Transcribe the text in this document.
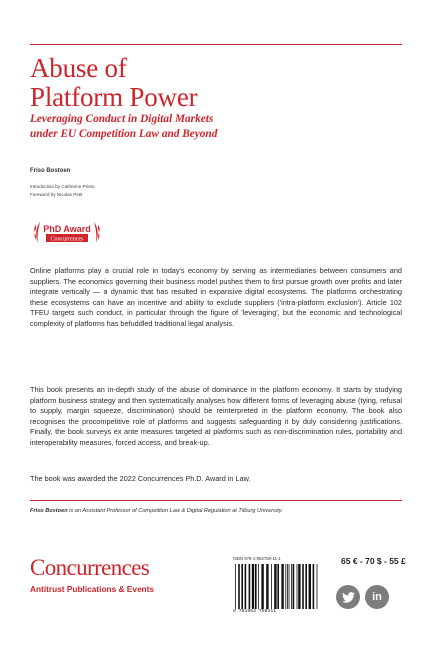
Abuse of
Platform Power
Leveraging Conduct in Digital Markets
under EU Competition Law and Beyond
Friso Bostoen
Introduction by Catherine Prieto
Foreword by Nicolas Petit
PhD Award
Concurrences

Online platforms play a crucial role in today's economy by serving as intermediaries between consumers and suppliers. The economics governing their business model pushes them to first pursue growth over profits and later integrate vertically — a dynamic that has resulted in expansive digital ecosystems. The platforms orchestrating these ecosystems can have an incentive and ability to exclude suppliers ('intra-platform exclusion'). Article 102 TFEU targets such conduct, in particular through the figure of 'leveraging', but the economic and technological complexity of platforms has befuddled traditional legal analysis.

This book presents an in-depth study of the abuse of dominance in the platform economy. It starts by studying platform business strategy and then systematically analyses how different forms of leveraging abuse (tying, refusal to supply, margin squeeze, discrimination) should be reinterpreted in the platform economy. The book also recognises the procompetitive role of platforms and suggests safeguarding it by duly considering justifications. Finally, the book surveys ex ante measures targeted at platforms such as non-discrimination rules, portability and interoperability measures, forced access, and break-up.

The book was awarded the 2022 Concurrences Ph.D. Award in Law.

Friso Bostoen is an Assistant Professor of Competition Law & Digital Regulation at Tilburg University.
Concurrences
Antitrust Publications & Events
ISBN 978-1-954750-11-1
9 781954 750111
65 € - 70 $ - 55 £
in
